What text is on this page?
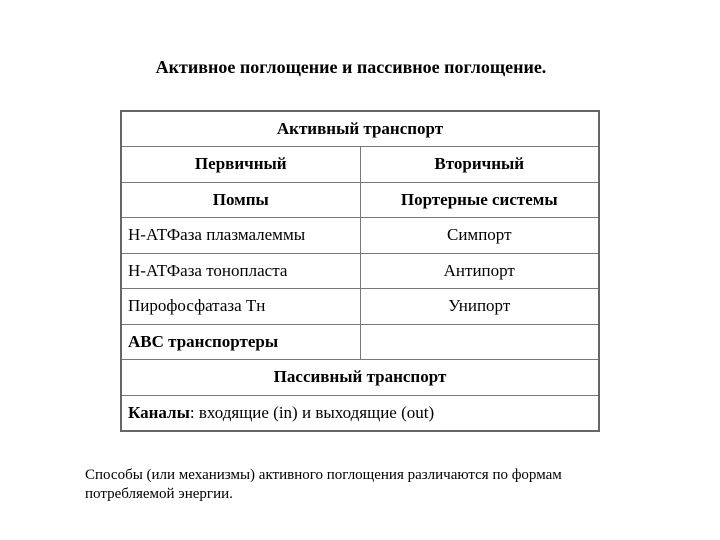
Активное поглощение и пассивное поглощение.
Активный транспорт	
Первичный	Вторичный
Помпы	Портерные системы
Н-АТФаза плазмалеммы	Симпорт
Н-АТФаза тонопласта	Антипорт
Пирофосфатаза Тн	Унипорт
АВС транспортеры	
Пассивный транспорт	
Каналы: входящие (in) и выходящие (out)	
Способы (или механизмы) активного поглощения различаются по формам потребляемой энергии.
